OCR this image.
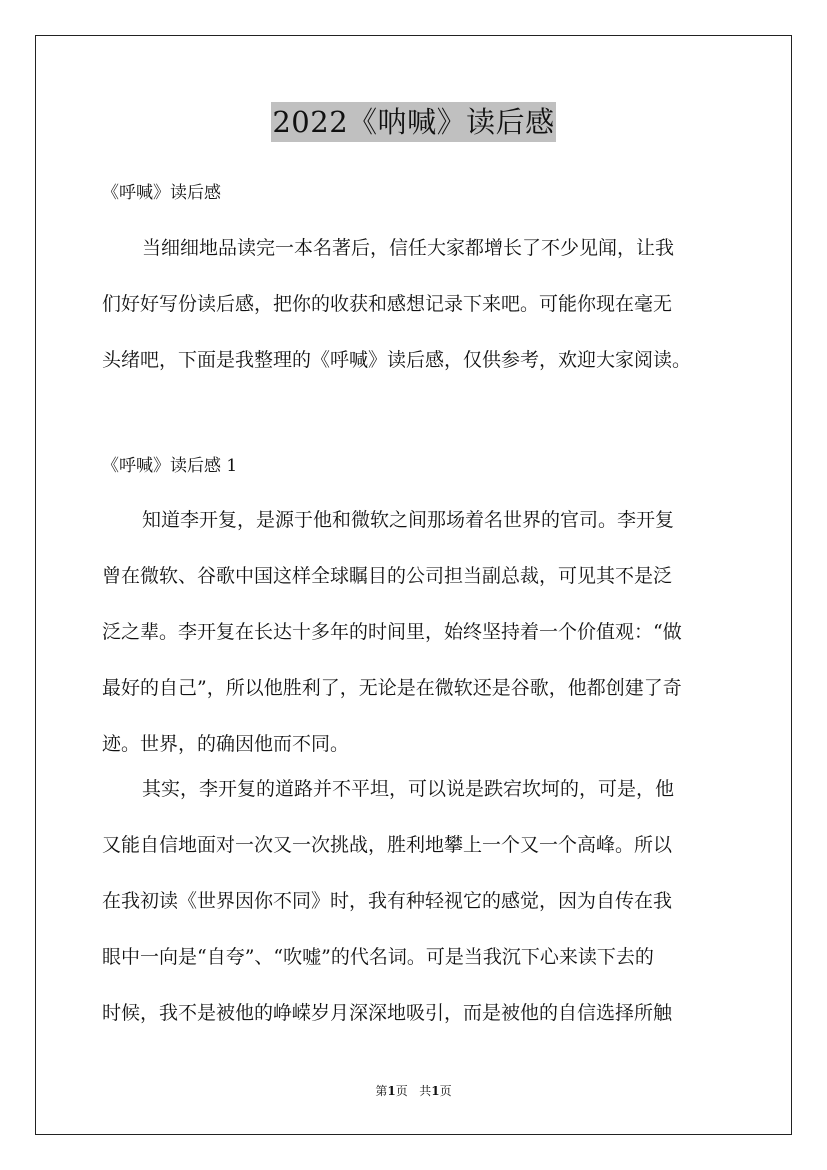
2022《呐喊》读后感
《呼喊》读后感
当细细地品读完一本名著后，信任大家都增长了不少见闻，让我
们好好写份读后感，把你的收获和感想记录下来吧。可能你现在毫无
头绪吧，下面是我整理的《呼喊》读后感，仅供参考，欢迎大家阅读。
《呼喊》读后感 1
知道李开复，是源于他和微软之间那场着名世界的官司。李开复
曾在微软、谷歌中国这样全球瞩目的公司担当副总裁，可见其不是泛
泛之辈。李开复在长达十多年的时间里，始终坚持着一个价值观：“做
最好的自己”，所以他胜利了，无论是在微软还是谷歌，他都创建了奇
迹。世界，的确因他而不同。
其实，李开复的道路并不平坦，可以说是跌宕坎坷的，可是，他
又能自信地面对一次又一次挑战，胜利地攀上一个又一个高峰。所以
在我初读《世界因你不同》时，我有种轻视它的感觉，因为自传在我
眼中一向是“自夸”、“吹嘘”的代名词。可是当我沉下心来读下去的
时候，我不是被他的峥嵘岁月深深地吸引，而是被他的自信选择所触
第1页 共1页
